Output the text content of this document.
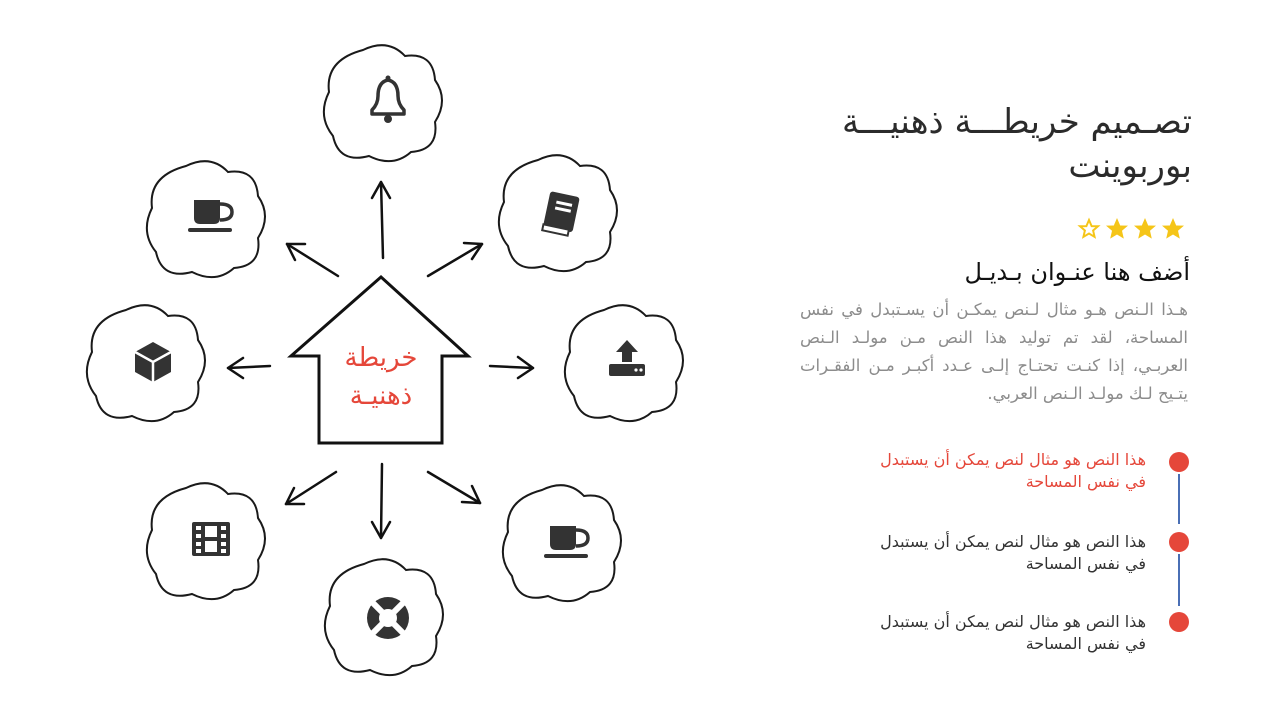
خريطة
ذهنيـة
تصـميم خريطـــة ذهنيـــة
بوربوينت
أضف هنا عنـوان بـديـل

هـذا الـنص هـو مثال لـنص يمكـن أن يسـتبدل في نفس المساحة، لقد تم توليد هذا النص مـن مولـد الـنص العربـي، إذا كنـت تحتـاج إلـى عـدد أكبـر مـن الفقـرات يتـيح لـك مولـد الـنص العربي.

هذا النص هو مثال لنص يمكن أن يستبدل
في نفس المساحة
هذا النص هو مثال لنص يمكن أن يستبدل
في نفس المساحة
هذا النص هو مثال لنص يمكن أن يستبدل
في نفس المساحة
